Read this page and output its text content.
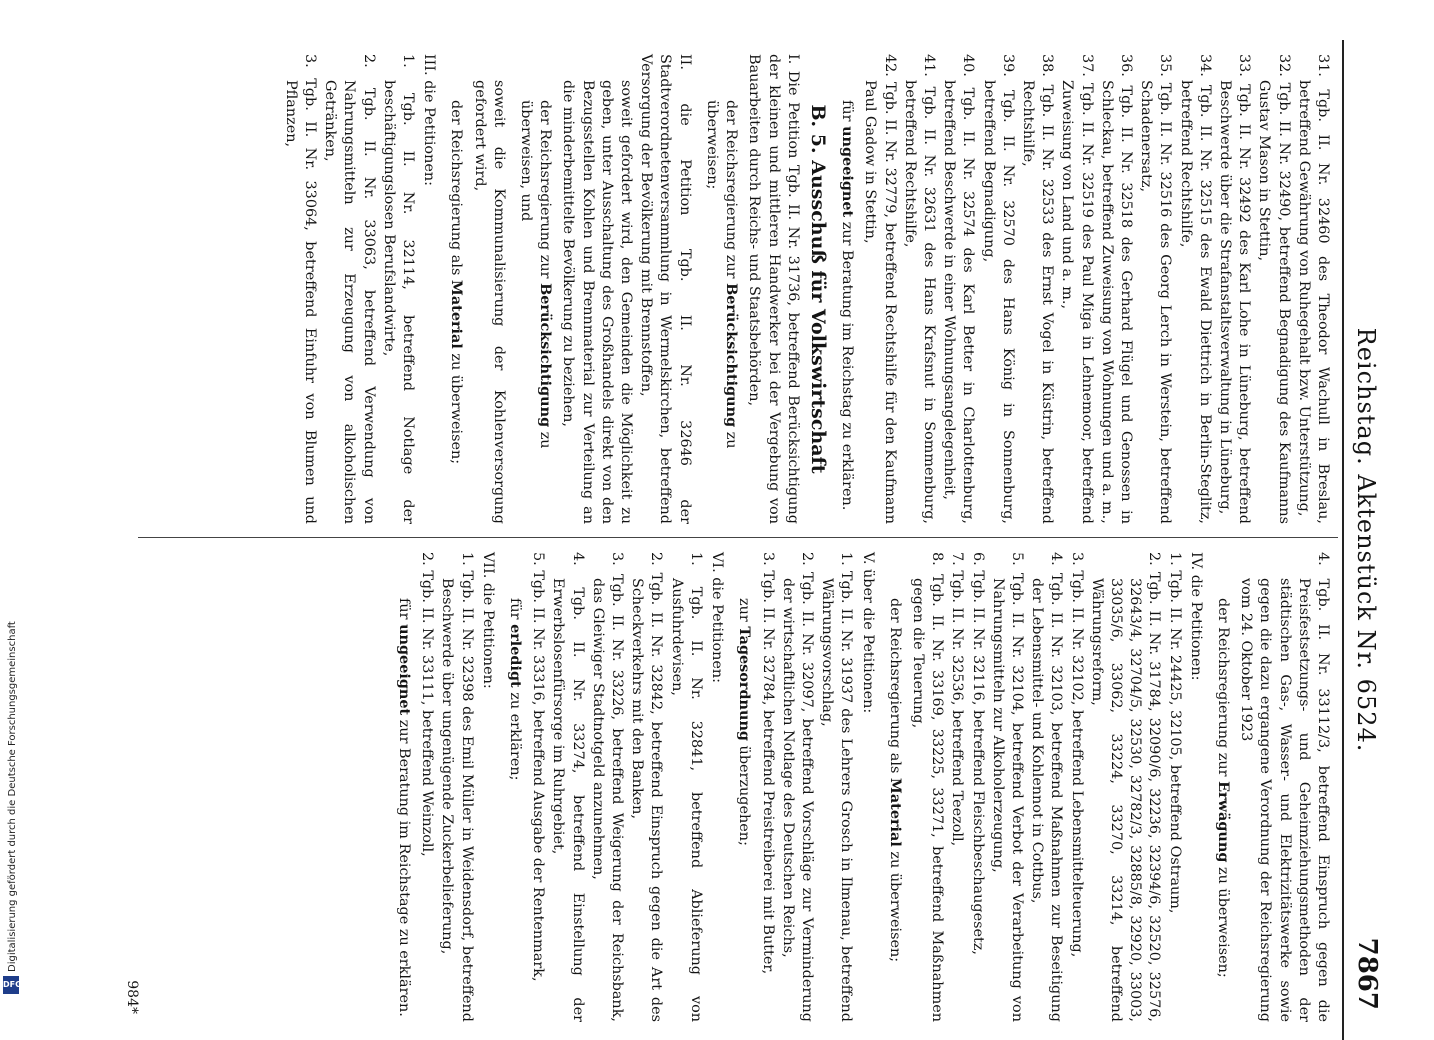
Digitalisierung gefördert durch die Deutsche Forschungsgemeinschaft
DFG
Reichstag. Aktenstück Nr. 6524.
7867
31. Tgb. II. Nr. 32460 des Theodor Wachull in Breslau, betreffend Gewährung von Ruhegehalt bzw. Unterstützung,
32. Tgb. II. Nr. 32490, betreffend Begnadigung des Kaufmanns Gustav Mason in Stettin,
33. Tgb. II. Nr. 32492 des Karl Lohe in Lüneburg, betreffend Beschwerde über die Strafanstaltsverwaltung in Lüneburg,
34. Tgb. II. Nr. 32515 des Ewald Diettrich in Berlin-Steglitz, betreffend Rechtshilfe,
35. Tgb. II. Nr. 32516 des Georg Lerch in Werstein, betreffend Schadenersatz,
36. Tgb. II. Nr. 32518 des Gerhard Flügel und Genossen in Schleckau, betreffend Zuweisung von Wohnungen und a. m.,
37. Tgb. II. Nr. 32519 des Paul Miga in Lehnemoor, betreffend Zuweisung von Land und a. m.,
38. Tgb. II. Nr. 32533 des Ernst Vogel in Küstrin, betreffend Rechtshilfe,
39. Tgb. II. Nr. 32570 des Hans König in Sonnenburg, betreffend Begnadigung,
40. Tgb. II. Nr. 32574 des Karl Better in Charlottenburg, betreffend Beschwerde in einer Wohnungsangelegenheit,
41. Tgb. II. Nr. 32631 des Hans Krafsnut in Sommenburg, betreffend Rechtshilfe,
42. Tgb. II. Nr. 32779, betreffend Rechtshilfe für den Kaufmann Paul Gadow in Stettin,
für ungeeignet zur Beratung im Reichstag zu erklären.
B. 5. Ausschuß für Volkswirtschaft
I. Die Petition Tgb. II. Nr. 31736, betreffend Berücksichtigung der kleinen und mittleren Handwerker bei der Vergebung von Bauarbeiten durch Reichs- und Staatsbehörden,
der Reichsregierung zur Berücksichtigung zu überweisen;
II. die Petition Tgb. II. Nr. 32646 der Stadtverordnetenversammlung in Wermelskirchen, betreffend Versorgung der Bevölkerung mit Brennstoffen,
soweit gefordert wird, den Gemeinden die Möglichkeit zu geben, unter Ausschaltung des Großhandels direkt von den Bezugsstellen Kohlen und Brennmaterial zur Verteilung an die minderbemittelte Bevölkerung zu beziehen,
der Reichsregierung zur Berücksichtigung zu überweisen, und
soweit die Kommunalisierung der Kohlenversorgung gefordert wird,
der Reichsregierung als Material zu überweisen;
III. die Petitionen:
1. Tgb. II. Nr. 32114, betreffend Notlage der beschäftigungslosen Berufslandwirte,
2. Tgb. II. Nr. 33063, betreffend Verwendung von Nahrungsmitteln zur Erzeugung von alkoholischen Getränken,
3. Tgb. II. Nr. 33064, betreffend Einfuhr von Blumen und Pflanzen,
4. Tgb. II. Nr. 33112/3, betreffend Einspruch gegen die Preisfestsetzungs- und Geheimziehungsmethoden der städtischen Gas-, Wasser- und Elektrizitätswerke sowie gegen die dazu ergangene Verordnung der Reichsregierung vom 24. Oktober 1923
der Reichsregierung zur Erwägung zu überweisen;
IV. die Petitionen:
1. Tgb. II. Nr. 24425, 32105, betreffend Ostraum,
2. Tgb. II. Nr. 31784, 32090/6, 32236, 32394/6, 32520, 32576, 32643/4, 32704/5, 32530, 32782/3, 32885/8, 32920, 33003, 33035/6, 33062, 33224, 33270, 33214, betreffend Währungsreform,
3. Tgb. II. Nr. 32102, betreffend Lebensmittelteuerung,
4. Tgb. II. Nr. 32103, betreffend Maßnahmen zur Beseitigung der Lebensmittel- und Kohlennot in Cottbus,
5. Tgb. II. Nr. 32104, betreffend Verbot der Verarbeitung von Nahrungsmitteln zur Alkoholerzeugung,
6. Tgb. II. Nr. 32116, betreffend Fleischbeschaugesetz,
7. Tgb. II. Nr. 32536, betreffend Teezoll,
8. Tgb. II. Nr. 33169, 33225, 33271, betreffend Maßnahmen gegen die Teuerung,
der Reichsregierung als Material zu überweisen;
V. über die Petitionen:
1. Tgb. II. Nr. 31937 des Lehrers Grosch in Ilmenau, betreffend Währungsvorschlag,
2. Tgb. II. Nr. 32097, betreffend Vorschläge zur Verminderung der wirtschaftlichen Notlage des Deutschen Reichs,
3. Tgb. II. Nr. 32784, betreffend Preistreiberei mit Butter,
zur Tagesordnung überzugehen;
VI. die Petitionen:
1. Tgb. II. Nr. 32841, betreffend Ablieferung von Ausfuhrdevisen,
2. Tgb. II. Nr. 32842, betreffend Einspruch gegen die Art des Scheckverkehrs mit den Banken,
3. Tgb. II. Nr. 33226, betreffend Weigerung der Reichsbank, das Gleiwiger Stadtnotgeld anzunehmen,
4. Tgb. II. Nr. 33274, betreffend Einstellung der Erwerbslosenfürsorge im Ruhrgebiet,
5. Tgb. II. Nr. 33316, betreffend Ausgabe der Rentenmark,
für erledigt zu erklären;
VII. die Petitionen:
1. Tgb. II. Nr. 32398 des Emil Müller in Weidensdorf, betreffend Beschwerde über ungenügende Zuckerbelieferung,
2. Tgb. II. Nr. 33111, betreffend Weinzoll,
für ungeeignet zur Beratung im Reichstage zu erklären.
984*
